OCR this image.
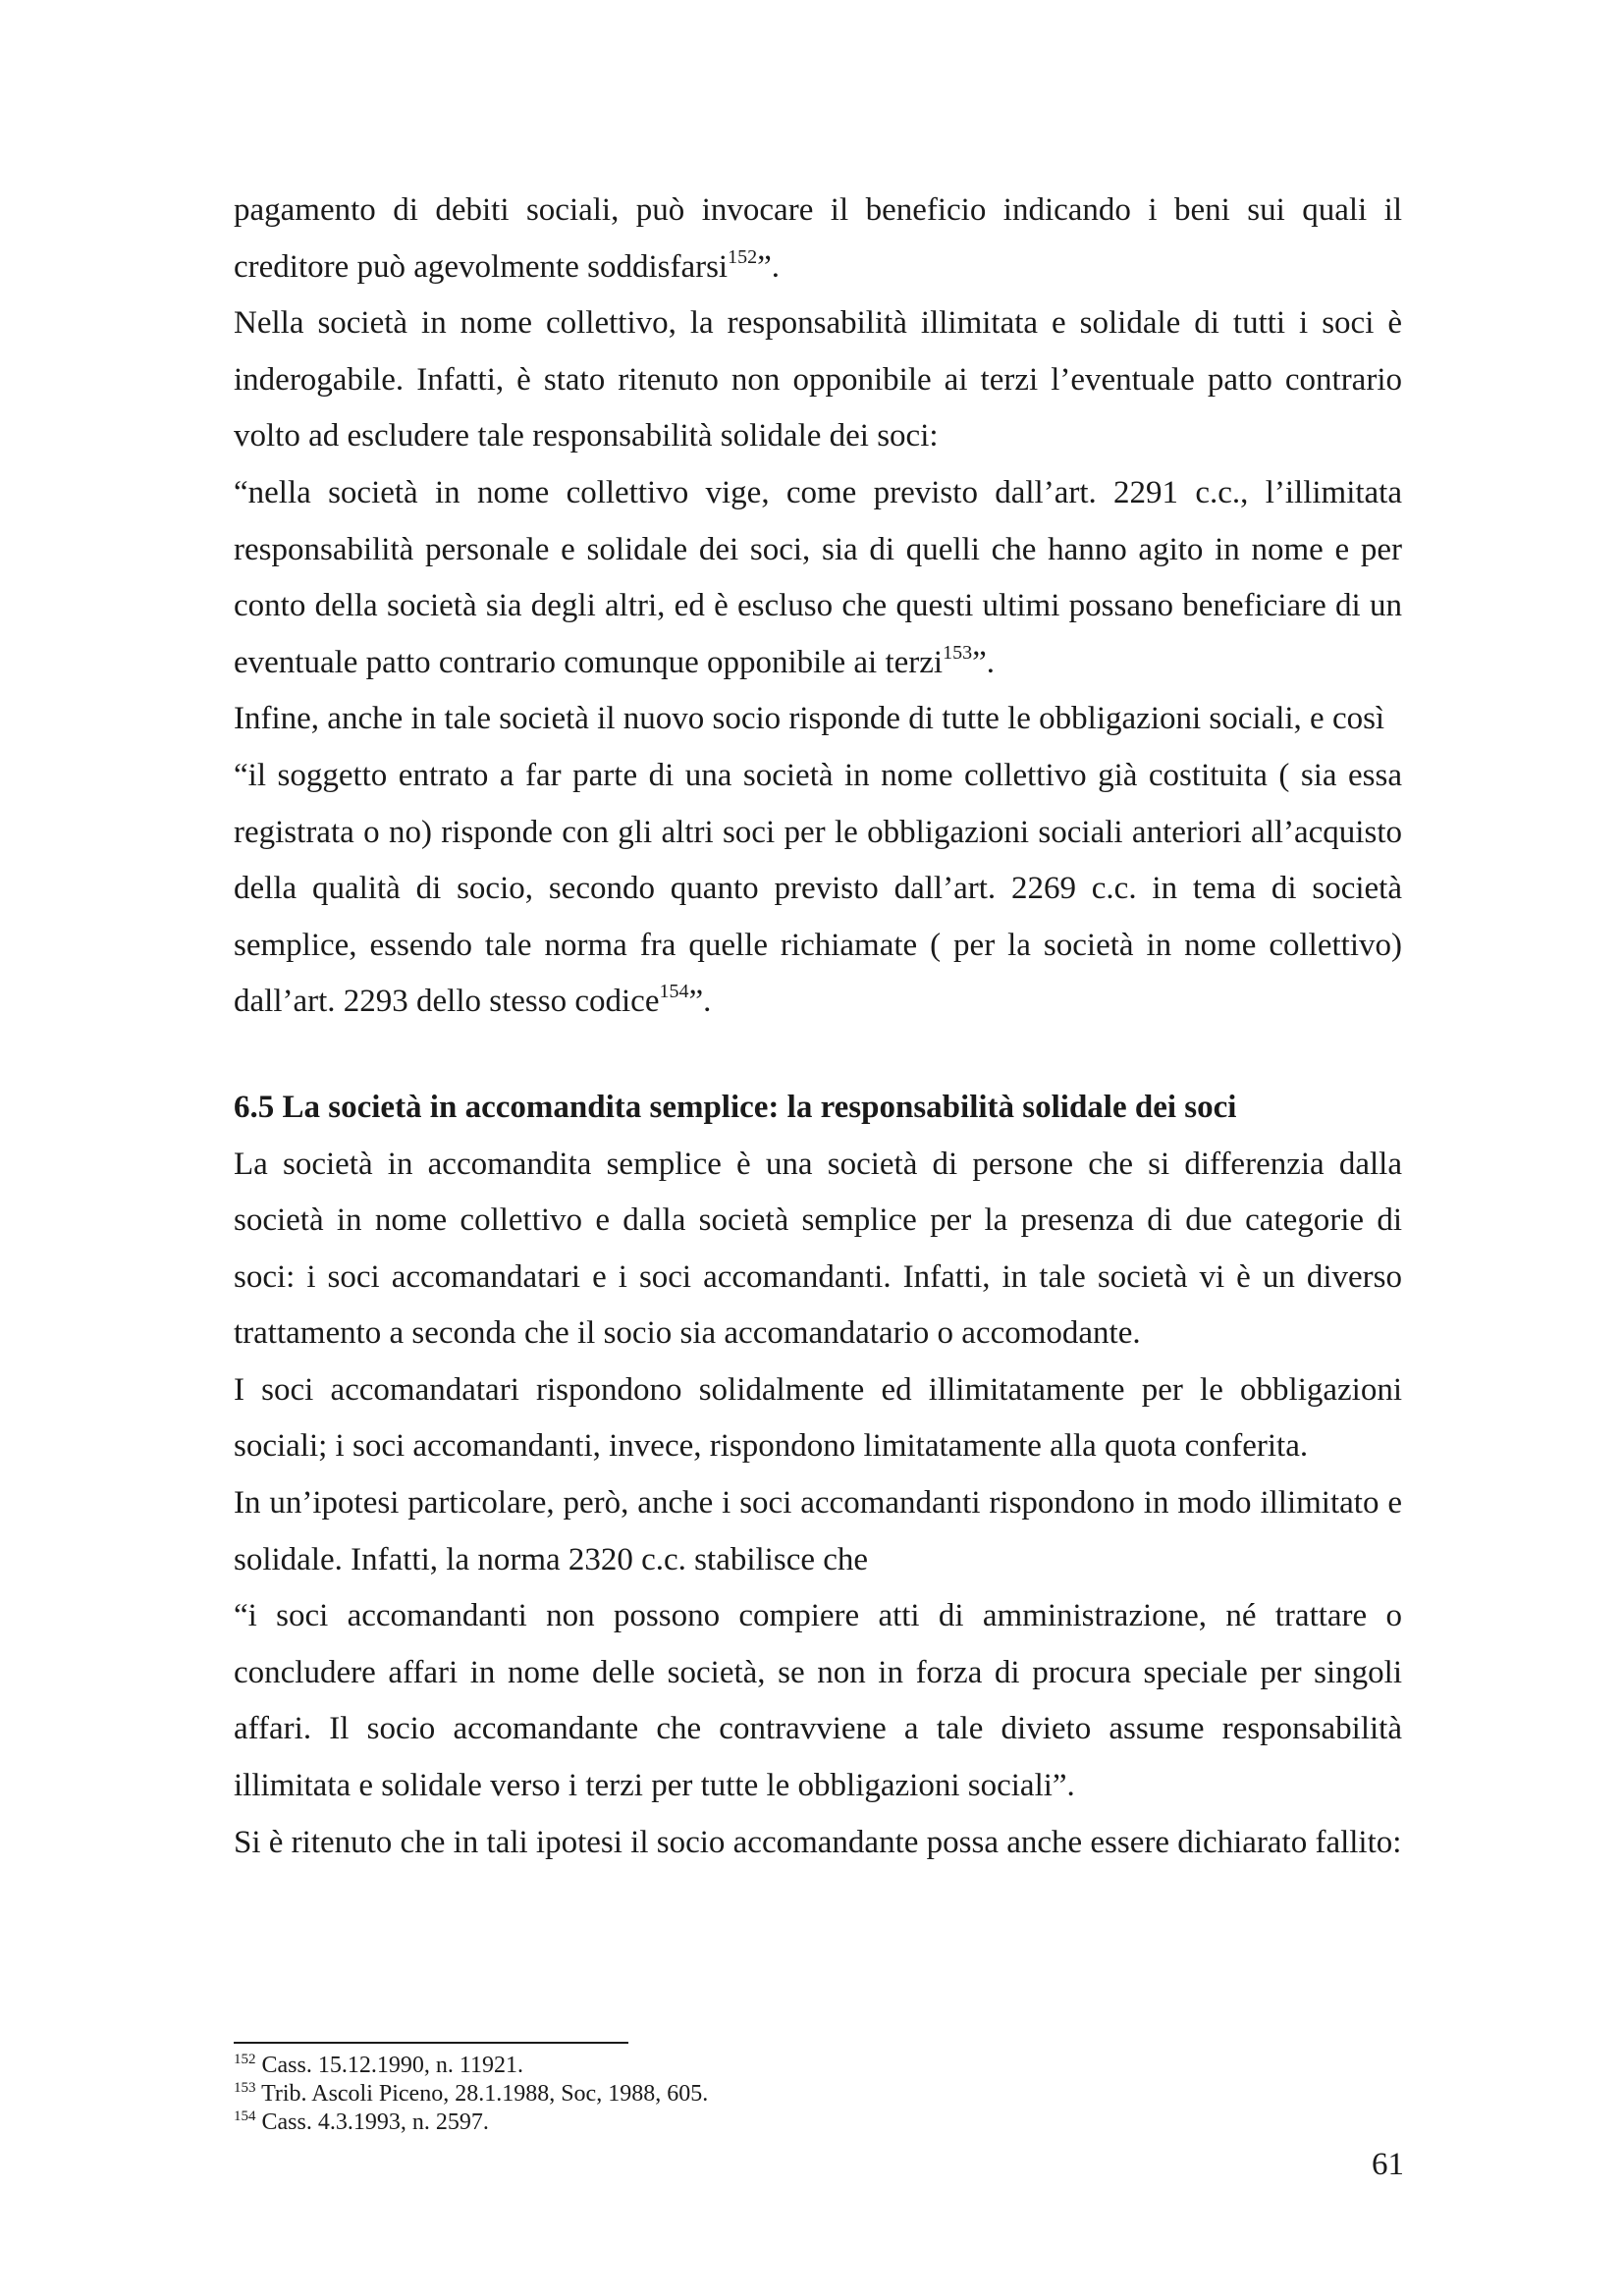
pagamento di debiti sociali, può invocare il beneficio indicando i beni sui quali il creditore può agevolmente soddisfarsi$^{152}$”.

Nella società in nome collettivo, la responsabilità illimitata e solidale di tutti i soci è inderogabile. Infatti, è stato ritenuto non opponibile ai terzi l’eventuale patto contrario volto ad escludere tale responsabilità solidale dei soci:

“nella società in nome collettivo vige, come previsto dall’art. 2291 c.c., l’illimitata responsabilità personale e solidale dei soci, sia di quelli che hanno agito in nome e per conto della società sia degli altri, ed è escluso che questi ultimi possano beneficiare di un eventuale patto contrario comunque opponibile ai terzi$^{153}$”.

Infine, anche in tale società il nuovo socio risponde di tutte le obbligazioni sociali, e così

“il soggetto entrato a far parte di una società in nome collettivo già costituita ( sia essa registrata o no) risponde con gli altri soci per le obbligazioni sociali anteriori all’acquisto della qualità di socio, secondo quanto previsto dall’art. 2269 c.c. in tema di società semplice, essendo tale norma fra quelle richiamate ( per la società in nome collettivo) dall’art. 2293 dello stesso codice$^{154}$”.

6.5 La società in accomandita semplice: la responsabilità solidale dei soci

La società in accomandita semplice è una società di persone che si differenzia dalla società in nome collettivo e dalla società semplice per la presenza di due categorie di soci: i soci accomandatari e i soci accomandanti. Infatti, in tale società vi è un diverso trattamento a seconda che il socio sia accomandatario o accomodante.

I soci accomandatari rispondono solidalmente ed illimitatamente per le obbligazioni sociali; i soci accomandanti, invece, rispondono limitatamente alla quota conferita.

In un’ipotesi particolare, però, anche i soci accomandanti rispondono in modo illimitato e solidale. Infatti, la norma 2320 c.c. stabilisce che

“i soci accomandanti non possono compiere atti di amministrazione, né trattare o concludere affari in nome delle società, se non in forza di procura speciale per singoli affari. Il socio accomandante che contravviene a tale divieto assume responsabilità illimitata e solidale verso i terzi per tutte le obbligazioni sociali”.

Si è ritenuto che in tali ipotesi il socio accomandante possa anche essere dichiarato fallito:

$^{152}$ Cass. 15.12.1990, n. 11921.

$^{153}$ Trib. Ascoli Piceno, 28.1.1988, Soc, 1988, 605.

$^{154}$ Cass. 4.3.1993, n. 2597.

61
